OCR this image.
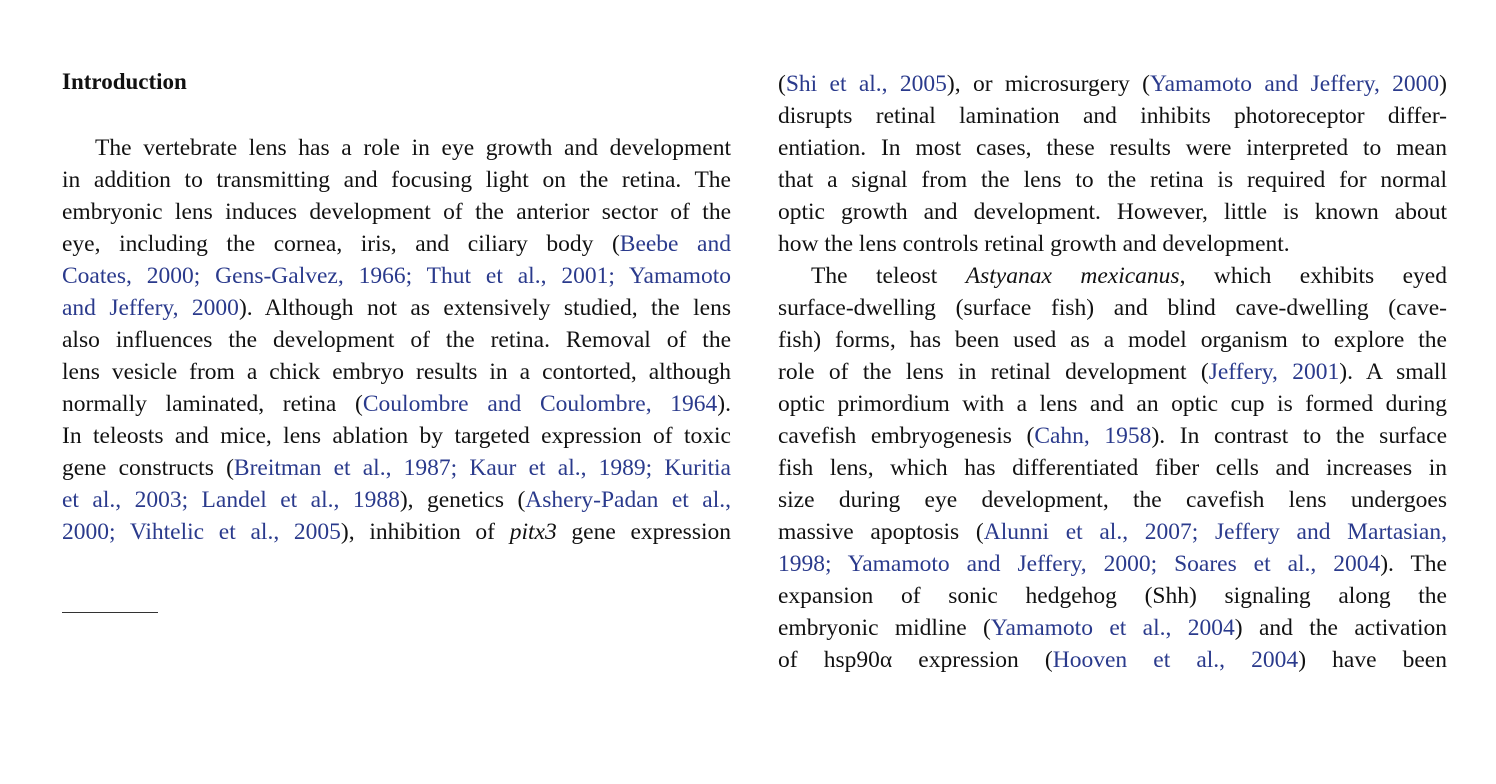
Introduction
The vertebrate lens has a role in eye growth and development
in addition to transmitting and focusing light on the retina. The
embryonic lens induces development of the anterior sector of the
eye, including the cornea, iris, and ciliary body (Beebe and
Coates, 2000; Gens-Galvez, 1966; Thut et al., 2001; Yamamoto
and Jeffery, 2000). Although not as extensively studied, the lens
also influences the development of the retina. Removal of the
lens vesicle from a chick embryo results in a contorted, although
normally laminated, retina (Coulombre and Coulombre, 1964).
In teleosts and mice, lens ablation by targeted expression of toxic
gene constructs (Breitman et al., 1987; Kaur et al., 1989; Kuritia
et al., 2003; Landel et al., 1988), genetics (Ashery-Padan et al.,
2000; Vihtelic et al., 2005), inhibition of pitx3 gene expression
(Shi et al., 2005), or microsurgery (Yamamoto and Jeffery, 2000)
disrupts retinal lamination and inhibits photoreceptor differ-
entiation. In most cases, these results were interpreted to mean
that a signal from the lens to the retina is required for normal
optic growth and development. However, little is known about
how the lens controls retinal growth and development.
The teleost Astyanax mexicanus, which exhibits eyed
surface-dwelling (surface fish) and blind cave-dwelling (cave-
fish) forms, has been used as a model organism to explore the
role of the lens in retinal development (Jeffery, 2001). A small
optic primordium with a lens and an optic cup is formed during
cavefish embryogenesis (Cahn, 1958). In contrast to the surface
fish lens, which has differentiated fiber cells and increases in
size during eye development, the cavefish lens undergoes
massive apoptosis (Alunni et al., 2007; Jeffery and Martasian,
1998; Yamamoto and Jeffery, 2000; Soares et al., 2004). The
expansion of sonic hedgehog (Shh) signaling along the
embryonic midline (Yamamoto et al., 2004) and the activation
of hsp90α expression (Hooven et al., 2004) have been
